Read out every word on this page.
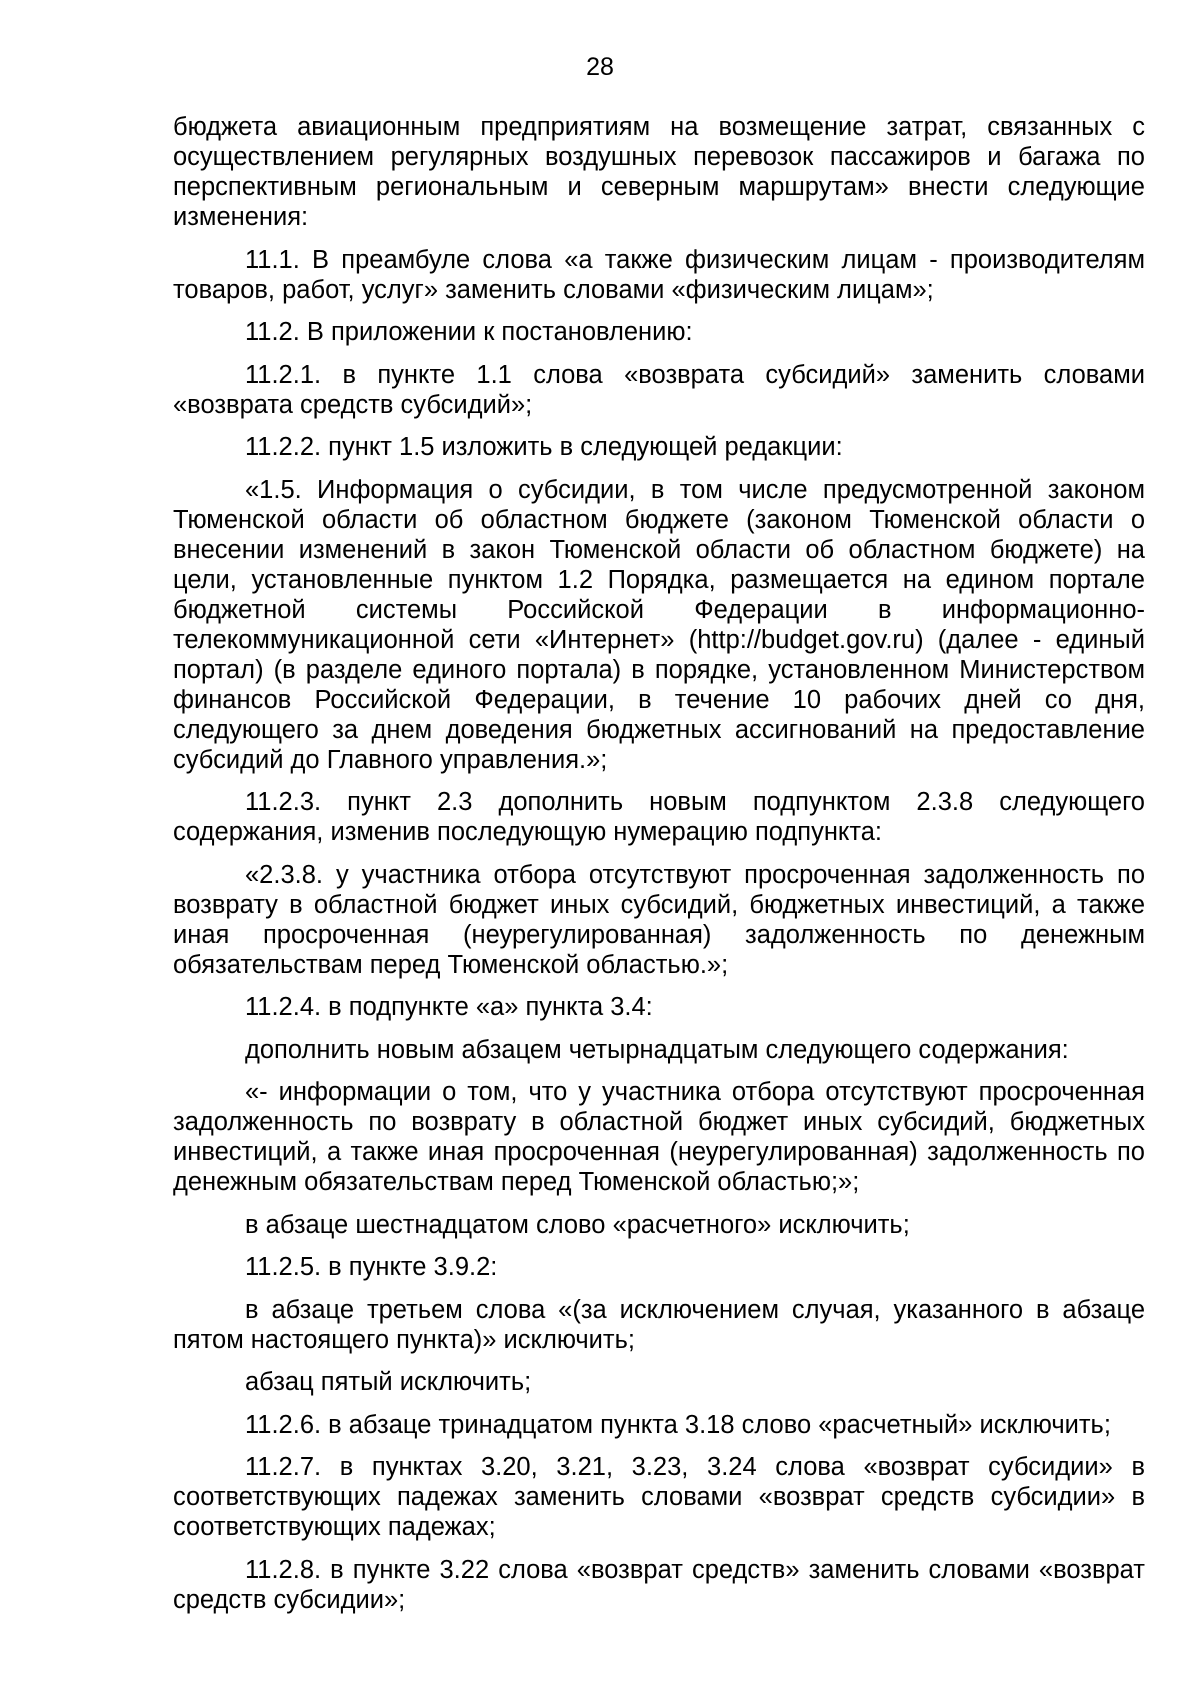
28

бюджета авиационным предприятиям на возмещение затрат, связанных с осуществлением регулярных воздушных перевозок пассажиров и багажа по перспективным региональным и северным маршрутам» внести следующие изменения:

11.1. В преамбуле слова «а также физическим лицам - производителям товаров, работ, услуг» заменить словами «физическим лицам»;

11.2. В приложении к постановлению:

11.2.1. в пункте 1.1 слова «возврата субсидий» заменить словами «возврата средств субсидий»;

11.2.2. пункт 1.5 изложить в следующей редакции:

«1.5. Информация о субсидии, в том числе предусмотренной законом Тюменской области об областном бюджете (законом Тюменской области о внесении изменений в закон Тюменской области об областном бюджете) на цели, установленные пунктом 1.2 Порядка, размещается на едином портале бюджетной системы Российской Федерации в информационно-телекоммуникационной сети «Интернет» (http://budget.gov.ru) (далее - единый портал) (в разделе единого портала) в порядке, установленном Министерством финансов Российской Федерации, в течение 10 рабочих дней со дня, следующего за днем доведения бюджетных ассигнований на предоставление субсидий до Главного управления.»;

11.2.3. пункт 2.3 дополнить новым подпунктом 2.3.8 следующего содержания, изменив последующую нумерацию подпункта:

«2.3.8. у участника отбора отсутствуют просроченная задолженность по возврату в областной бюджет иных субсидий, бюджетных инвестиций, а также иная просроченная (неурегулированная) задолженность по денежным обязательствам перед Тюменской областью.»;

11.2.4. в подпункте «а» пункта 3.4:

дополнить новым абзацем четырнадцатым следующего содержания:

«- информации о том, что у участника отбора отсутствуют просроченная задолженность по возврату в областной бюджет иных субсидий, бюджетных инвестиций, а также иная просроченная (неурегулированная) задолженность по денежным обязательствам перед Тюменской областью;»;

в абзаце шестнадцатом слово «расчетного» исключить;

11.2.5. в пункте 3.9.2:

в абзаце третьем слова «(за исключением случая, указанного в абзаце пятом настоящего пункта)» исключить;

абзац пятый исключить;

11.2.6. в абзаце тринадцатом пункта 3.18 слово «расчетный» исключить;

11.2.7. в пунктах 3.20, 3.21, 3.23, 3.24 слова «возврат субсидии» в соответствующих падежах заменить словами «возврат средств субсидии» в соответствующих падежах;

11.2.8. в пункте 3.22 слова «возврат средств» заменить словами «возврат средств субсидии»;
